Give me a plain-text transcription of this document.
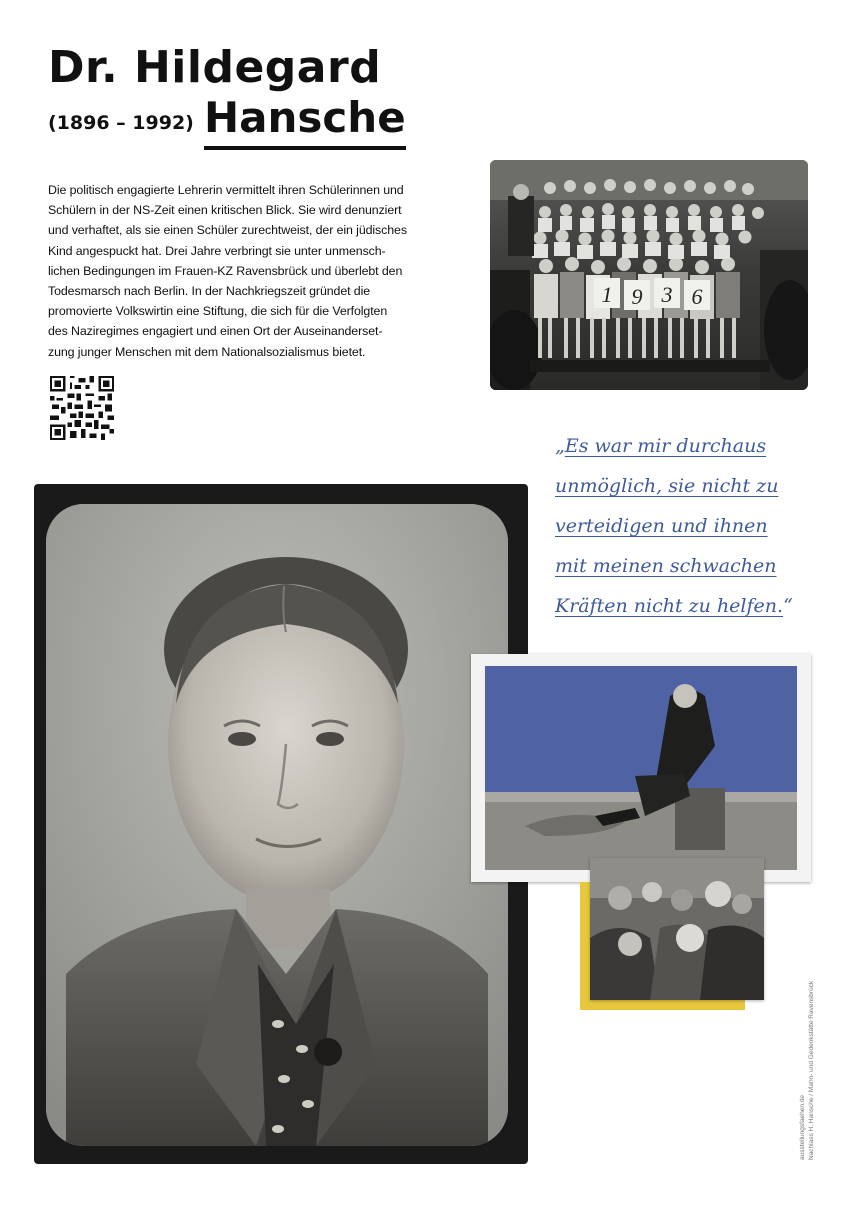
Dr. Hildegard
(1896 – 1992) Hansche

Die politisch engagierte Lehrerin vermittelt ihren Schülerinnen und
Schülern in der NS-Zeit einen kritischen Blick. Sie wird denunziert
und verhaftet, als sie einen Schüler zurechtweist, der ein jüdisches
Kind angespuckt hat. Drei Jahre verbringt sie unter unmensch-
lichen Bedingungen im Frauen-KZ Ravensbrück und überlebt den
Todesmarsch nach Berlin. In der Nachkriegszeit gründet die
promovierte Volkswirtin eine Stiftung, die sich für die Verfolgten
des Naziregimes engagiert und einen Ort der Auseinanderset-
zung junger Menschen mit dem Nationalsozialismus bietet.

1 9 3 6
„Es war mir durchaus
unmöglich, sie nicht zu
verteidigen und ihnen
mit meinen schwachen
Kräften nicht zu helfen.“
ausstellungsfaehen.de Nachlass H. Hansche / Mahn- und Gedenkstätte Ravensbrück
